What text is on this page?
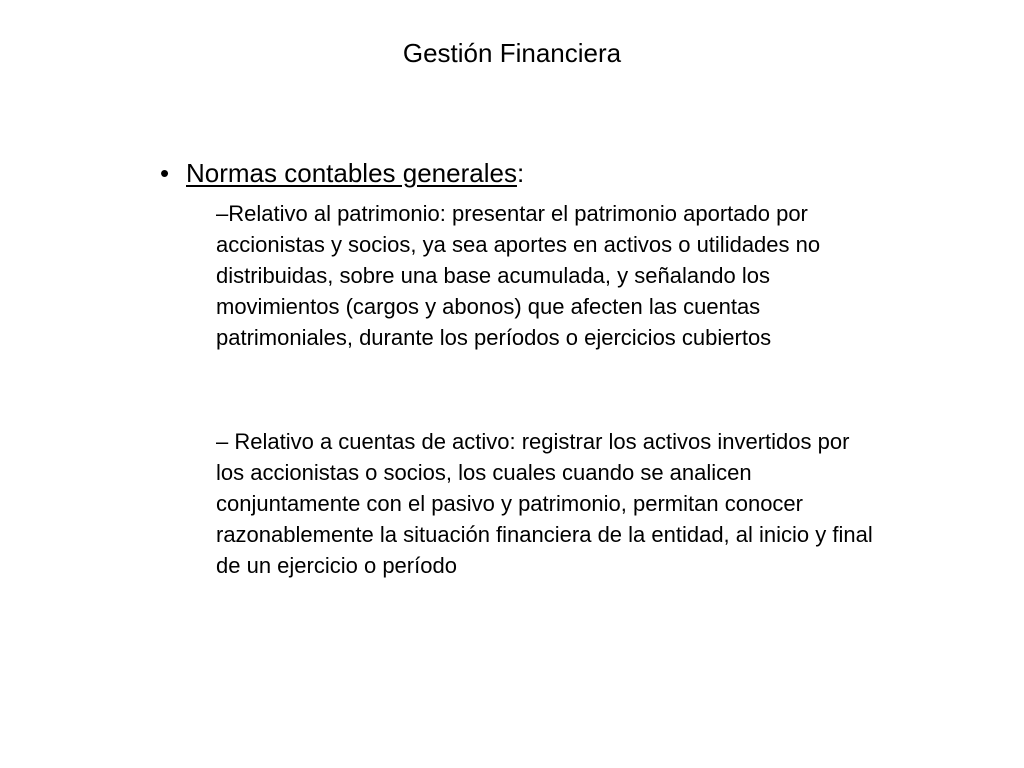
Gestión Financiera
• Normas contables generales:

–Relativo al patrimonio: presentar el patrimonio aportado por accionistas y socios, ya sea aportes en activos o utilidades no distribuidas, sobre una base acumulada, y señalando los movimientos (cargos y abonos) que afecten las cuentas patrimoniales, durante los períodos o ejercicios cubiertos

– Relativo a cuentas de activo: registrar los activos invertidos por los accionistas o socios, los cuales cuando se analicen conjuntamente con el pasivo y patrimonio, permitan conocer razonablemente la situación financiera de la entidad, al inicio y final de un ejercicio o período
